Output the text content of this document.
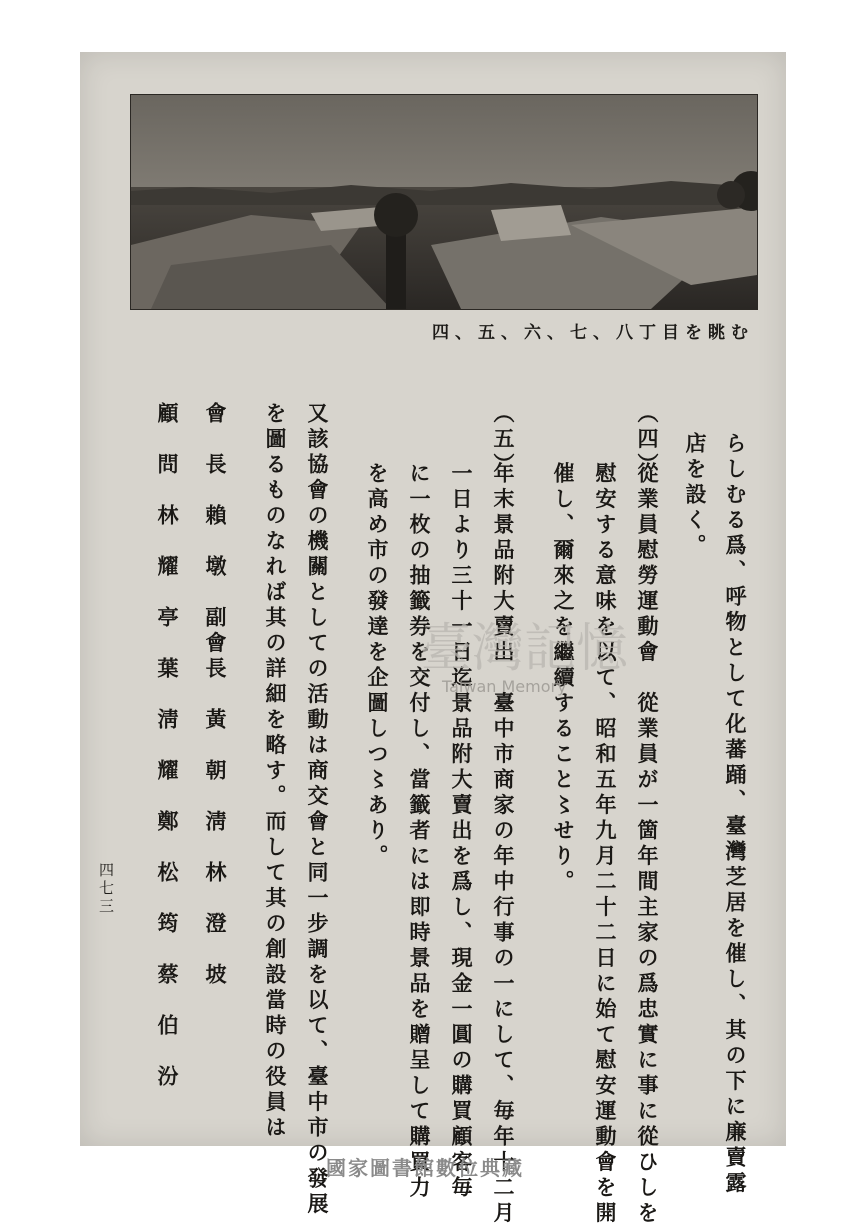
四、五、六、七、八丁目を眺む
らしむる爲、呼物として化蕃踊、臺灣芝居を催し、其の下に廉賣露
店を設く。
（四）
從業員慰勞運動會　從業員が一箇年間主家の爲忠實に事に從ひしを
慰安する意味を以て、昭和五年九月二十二日に始て慰安運動會を開
催し、爾來之を繼續すること〻せり。
（五）
年末景品附大賣出　臺中市商家の年中行事の一にして、毎年十二月
一日より三十一日迄景品附大賣出を爲し、現金一圓の購買顧客毎
に一枚の抽籤券を交付し、當籤者には即時景品を贈呈して購買力
を高め市の發達を企圖しつ〻あり。
又該協會の機關としての活動は商交會と同一步調を以て、臺中市の發展
を圖るものなれば其の詳細を略す。而して其の創設當時の役員は
會　長　賴　墩　副會長　黃　朝　淸　林　澄　坡
顧　問　林　耀　亭　葉　淸　耀　鄭　松　筠　蔡　伯　汾
四七三
臺灣記憶
Taiwan Memory
國家圖書館數位典藏
